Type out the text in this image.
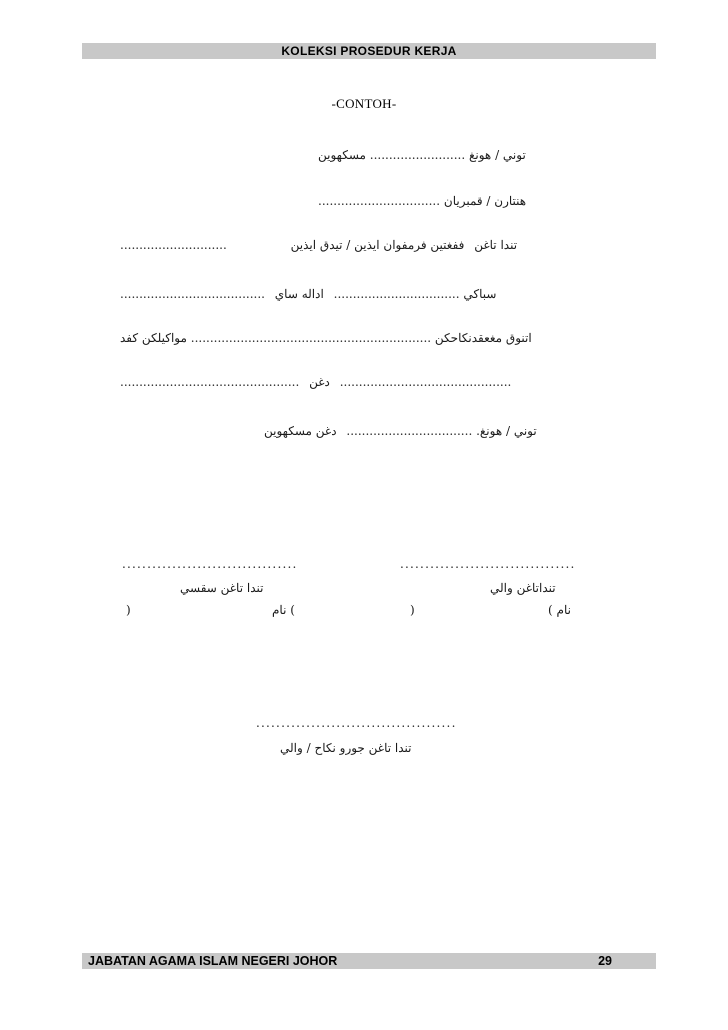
KOLEKSI PROSEDUR KERJA
-CONTOH-
توني / هونغ ......................... مسكهوين
................................ هنتارن / قمبريان
............................	تندا تاغن ففغتين فرمفوان ايذين / تيدق ايذين
......................................	سباكي ................................. اداله ساي
اتنوق مغعقدنكاحكن ............................................................... مواكيلكن كفد
............................................... دغن .............................................
توني / هونغ. ................................. دغن مسكهوين
...................................
تندا تاغن سقسي
)	نام (
...................................
تنداتاغن والي
)	( نام
........................................
تندا تاغن جورو نكاح / والي
JABATAN AGAMA ISLAM NEGERI JOHOR	29
